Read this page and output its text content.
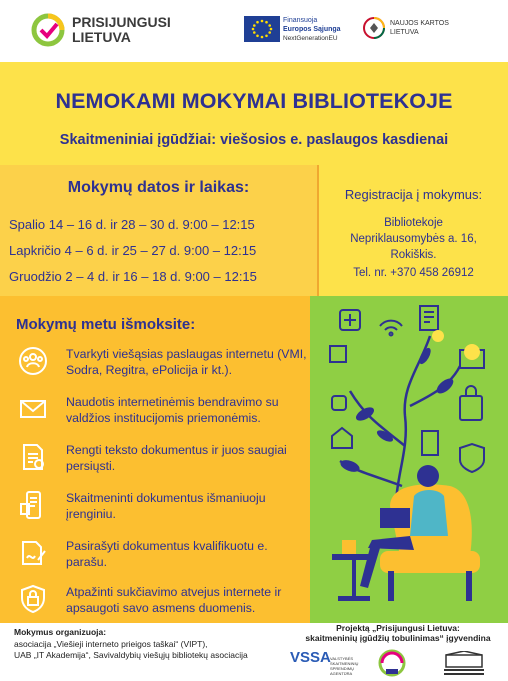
PRISIJUNGUSI
LIETUVA
Finansuoja
Europos Sąjunga
NextGenerationEU
NAUJOS KARTOS
LIETUVA
NEMOKAMI MOKYMAI BIBLIOTEKOJE
Skaitmeniniai įgūdžiai: viešosios e. paslaugos kasdienai
Mokymų datos ir laikas:
Spalio 14 – 16 d. ir 28 – 30 d. 9:00 – 12:15
Lapkričio 4 – 6 d. ir 25 – 27 d. 9:00 – 12:15
Gruodžio 2 – 4 d. ir 16 – 18 d. 9:00 – 12:15
Registracija į mokymus:
Bibliotekoje
Nepriklausomybės a. 16,
Rokiškis.
Tel. nr. +370 458 26912
Mokymų metu išmoksite:
Tvarkyti viešąsias paslaugas internetu (VMI, Sodra, Regitra, ePolicija ir kt.).
Naudotis internetinėmis bendravimo su valdžios institucijomis priemonėmis.
Rengti teksto dokumentus ir juos saugiai persiųsti.
Skaitmeninti dokumentus išmaniuoju įrenginiu.
Pasirašyti dokumentus kvalifikuotu e. parašu.
Atpažinti sukčiavimo atvejus internete ir apsaugoti savo asmens duomenis.
Mokymus organizuoja:
asociacija „Viešieji interneto prieigos taškai“ (VIPT),
UAB „IT Akademija“, Savivaldybių viešųjų bibliotekų asociacija
Projektą „Prisijungusi Lietuva:
skaitmeninių įgūdžių tobulinimas“ įgyvendina
VSSA VALSTYBĖS SKAITMENINIŲ SPRENDIMŲ AGENTŪRA
